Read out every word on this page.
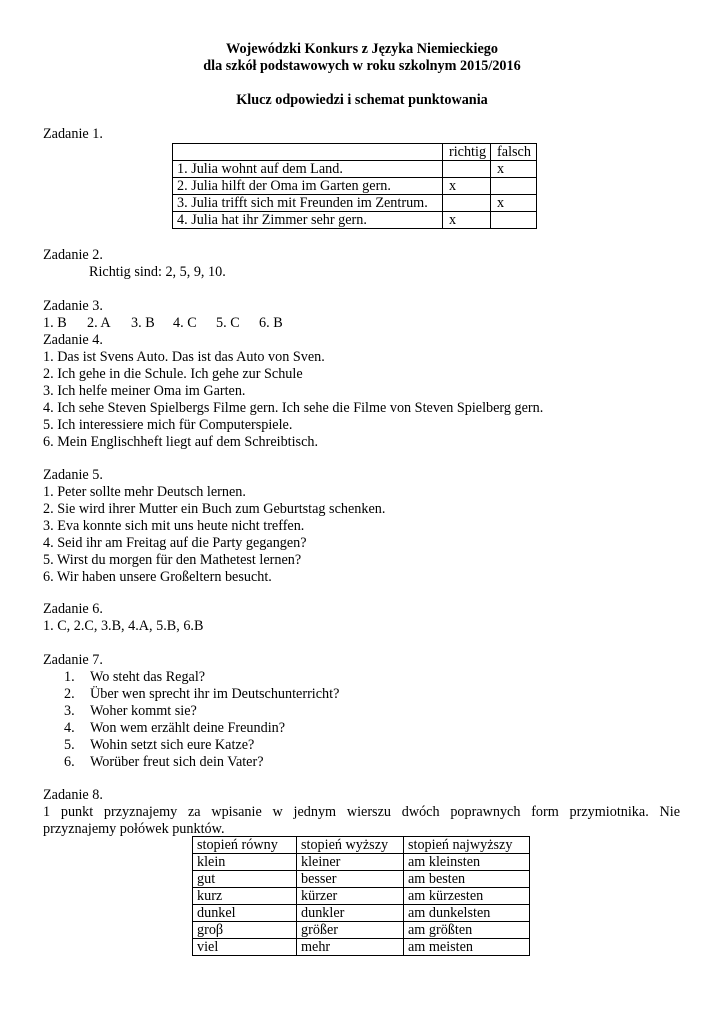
Wojewódzki Konkurs z Języka Niemieckiego
dla szkół podstawowych w roku szkolnym 2015/2016
Klucz odpowiedzi i schemat punktowania
Zadanie 1.
	richtig	falsch
1. Julia wohnt auf dem Land.		x
2. Julia hilft der Oma im Garten gern.	x	
3. Julia trifft sich mit Freunden im Zentrum.		x
4. Julia hat ihr Zimmer sehr gern.	x	
Zadanie 2.
Richtig sind: 2, 5, 9, 10.
Zadanie 3.
1. B 2. A 3. B 4. C 5. C 6. B
Zadanie 4.
1. Das ist Svens Auto. Das ist das Auto von Sven.
2. Ich gehe in die Schule. Ich gehe zur Schule
3. Ich helfe meiner Oma im Garten.
4. Ich sehe Steven Spielbergs Filme gern. Ich sehe die Filme von Steven Spielberg gern.
5. Ich interessiere mich für Computerspiele.
6. Mein Englischheft liegt auf dem Schreibtisch.
Zadanie 5.
1. Peter sollte mehr Deutsch lernen.
2. Sie wird ihrer Mutter ein Buch zum Geburtstag schenken.
3. Eva konnte sich mit uns heute nicht treffen.
4. Seid ihr am Freitag auf die Party gegangen?
5. Wirst du morgen für den Mathetest lernen?
6. Wir haben unsere Großeltern besucht.
Zadanie 6.
1. C, 2.C, 3.B, 4.A, 5.B, 6.B
Zadanie 7.
1. Wo steht das Regal?
2. Über wen sprecht ihr im Deutschunterricht?
3. Woher kommt sie?
4. Won wem erzählt deine Freundin?
5. Wohin setzt sich eure Katze?
6. Worüber freut sich dein Vater?
Zadanie 8.
1 punkt przyznajemy za wpisanie w jednym wierszu dwóch poprawnych form przymiotnika. Nie
przyznajemy połówek punktów.
stopień równy	stopień wyższy	stopień najwyższy
klein	kleiner	am kleinsten
gut	besser	am besten
kurz	kürzer	am kürzesten
dunkel	dunkler	am dunkelsten
groβ	größer	am größten
viel	mehr	am meisten
